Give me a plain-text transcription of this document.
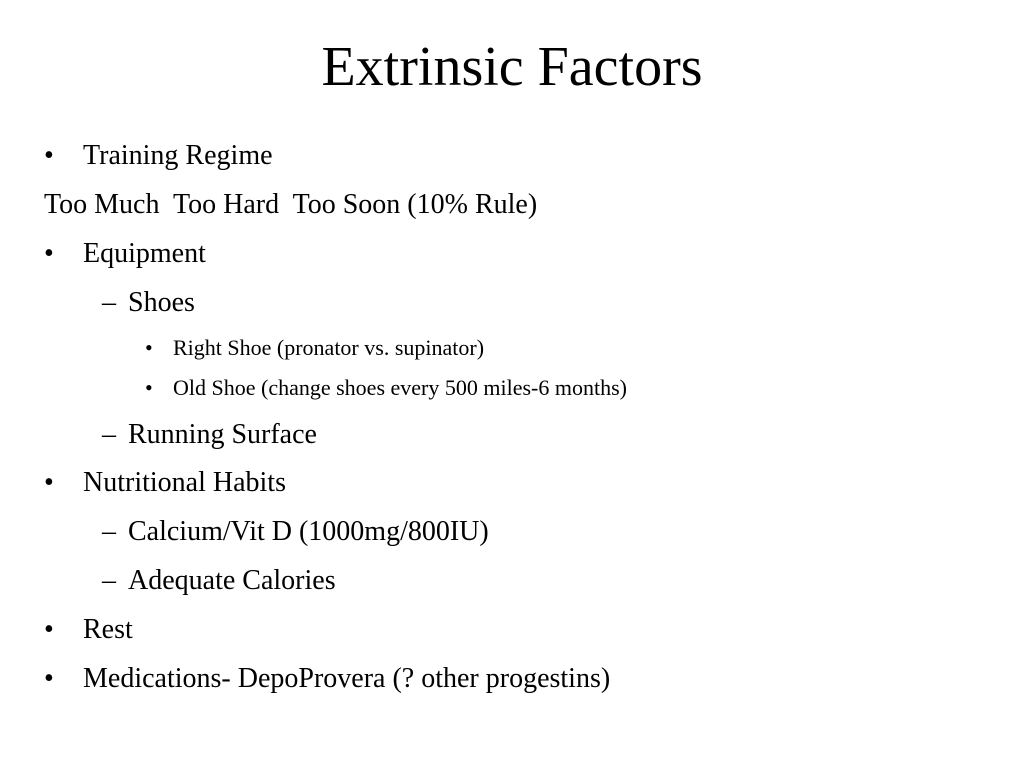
Extrinsic Factors
• Training Regime
Too Much  Too Hard  Too Soon (10% Rule)
• Equipment
– Shoes
• Right Shoe (pronator vs. supinator)
• Old Shoe (change shoes every 500 miles-6 months)
– Running Surface
• Nutritional Habits
– Calcium/Vit D (1000mg/800IU)
– Adequate Calories
• Rest
• Medications- DepoProvera (? other progestins)
